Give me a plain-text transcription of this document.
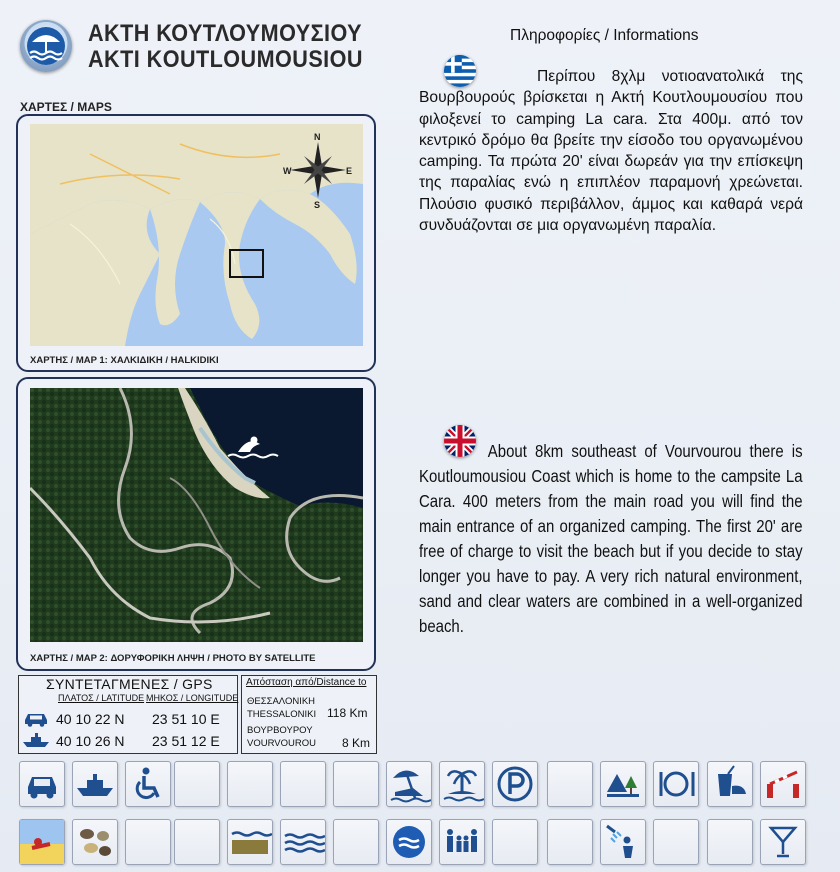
ΑΚΤΗ ΚΟΥΤΛΟΥΜΟΥΣΙΟΥ
AKTI KOUTLOUMOUSIOU
ΧΑΡΤΕΣ / MAPS
N
S
E
W
ΧΑΡΤΗΣ / MAP 1: ΧΑΛΚΙΔΙΚΗ / HALKIDIKI
ΧΑΡΤΗΣ / MAP 2: ΔΟΡΥΦΟΡΙΚΗ ΛΗΨΗ / PHOTO BY SATELLITE
ΣΥΝΤΕΤΑΓΜΕΝΕΣ / GPS
ΠΛΑΤΟΣ / LATITUDE ΜΗΚΟΣ / LONGITUDE
40 10 22 N 23 51 10 E
40 10 26 N 23 51 12 E
Απόσταση από/Distance to
ΘΕΣΣΑΛΟΝΙΚΗ
THESSALONIKI 118 Km
ΒΟΥΡΒΟΥΡΟΥ
VOURVOUROU 8 Km
Πληροφορίες / Informations
Περίπου 8χλμ νοτιοανατολικά της Βουρβουρούς βρίσκεται η Ακτή Κουτλουμουσίου που φιλοξενεί το camping La cara. Στα 400μ. από τον κεντρικό δρόμο θα βρείτε την είσοδο του οργανωμένου camping. Τα πρώτα 20' είναι δωρεάν για την επίσκεψη της παραλίας ενώ η επιπλέον παραμονή χρεώνεται. Πλούσιο φυσικό περιβάλλον, άμμος και καθαρά νερά συνδυάζονται σε μια οργανωμένη παραλία.
About 8km southeast of Vourvourou there is Koutloumousiou Coast which is home to the campsite La Cara. 400 meters from the main road you will find the main entrance of an organized camping. The first 20' are free of charge to visit the beach but if you decide to stay longer you have to pay. A very rich natural environment, sand and clear waters are combined in a well-organized beach.
